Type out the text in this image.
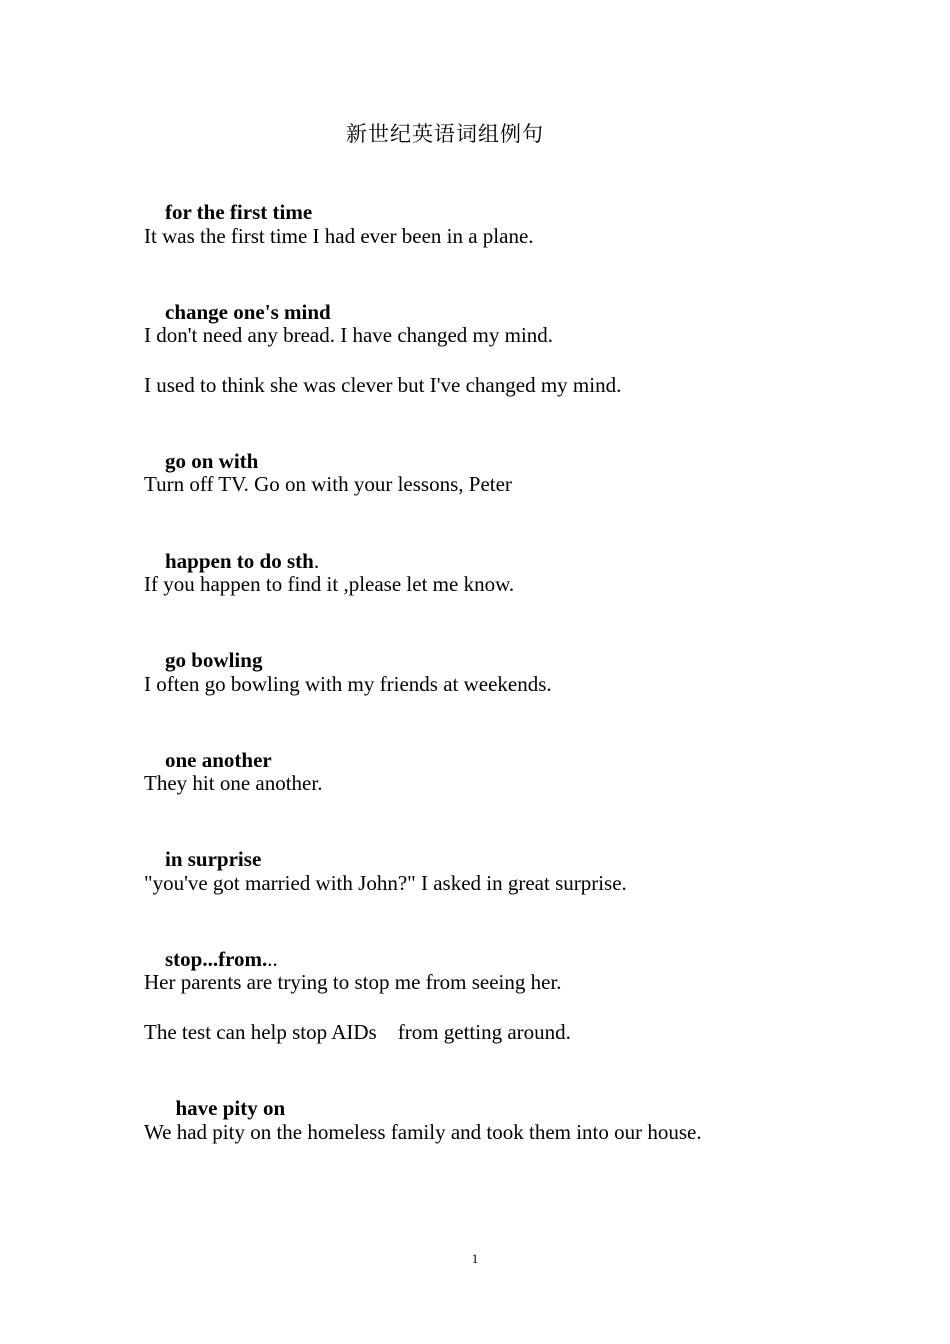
新世纪英语词组例句

for the first time

It was the first time I had ever been in a plane.

change one's mind

I don't need any bread. I have changed my mind.
I used to think she was clever but I've changed my mind.

go on with

Turn off TV. Go on with your lessons, Peter

happen to do sth.

If you happen to find it ,please let me know.

go bowling

I often go bowling with my friends at weekends.

one another

They hit one another.

in surprise

"you've got married with John?" I asked in great surprise.

stop...from...

Her parents are trying to stop me from seeing her.
The test can help stop AIDs    from getting around.

have pity on

We had pity on the homeless family and took them into our house.
1
